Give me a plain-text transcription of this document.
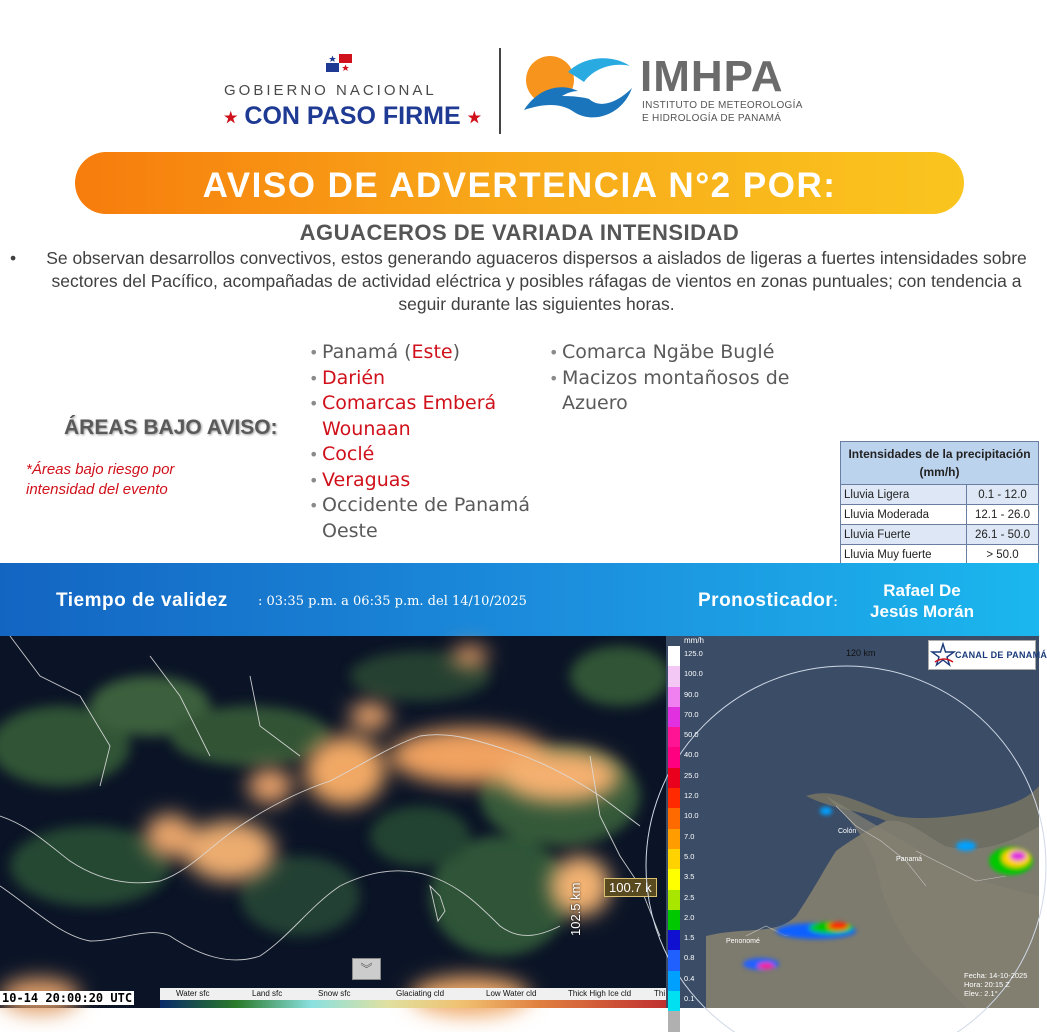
GOBIERNO NACIONAL
★ CON PASO FIRME ★
IMHPA
INSTITUTO DE METEOROLOGÍA
E HIDROLOGÍA DE PANAMÁ
AVISO DE ADVERTENCIA N°2 POR:
AGUACEROS DE VARIADA INTENSIDAD
•	Se observan desarrollos convectivos, estos generando aguaceros dispersos a aislados de ligeras a fuertes intensidades sobre sectores del Pacífico, acompañadas de actividad eléctrica y posibles ráfagas de vientos en zonas puntuales; con tendencia a seguir durante las siguientes horas.

ÁREAS BAJO AVISO:
*Áreas bajo riesgo por intensidad del evento
• Panamá (Este)
• Darién
• Comarcas Emberá Wounaan
• Coclé
• Veraguas
• Occidente de Panamá Oeste
• Comarca Ngäbe Buglé
• Macizos montañosos de Azuero
Intensidades de la precipitación (mm/h)	
Lluvia Ligera	0.1 - 12.0
Lluvia Moderada	12.1 - 26.0
Lluvia Fuerte	26.1 - 50.0
Lluvia Muy fuerte	> 50.0
Tiempo de validez : 03:35 p.m. a 06:35 p.m. del 14/10/2025	Pronosticador:
Rafael De
Jesús Morán
100.7 k
102.5 km
︾
Water sfc	Land sfc	Snow sfc	Glaciating cld	Low Water cld	Thick High Ice cld	Thi
10-14 20:00:20 UTC
Colón
Panamá
Penonomé
mm/h
125.0
100.0
90.0
70.0
50.0
40.0
25.0
12.0
10.0
7.0
5.0
3.5
2.5
2.0
1.5
0.8
0.4
0.1
0.0
120 km	CANAL DE PANAMÁ
Fecha: 14-10-2025
Hora: 20:15 Z
Elev.: 2.1°
